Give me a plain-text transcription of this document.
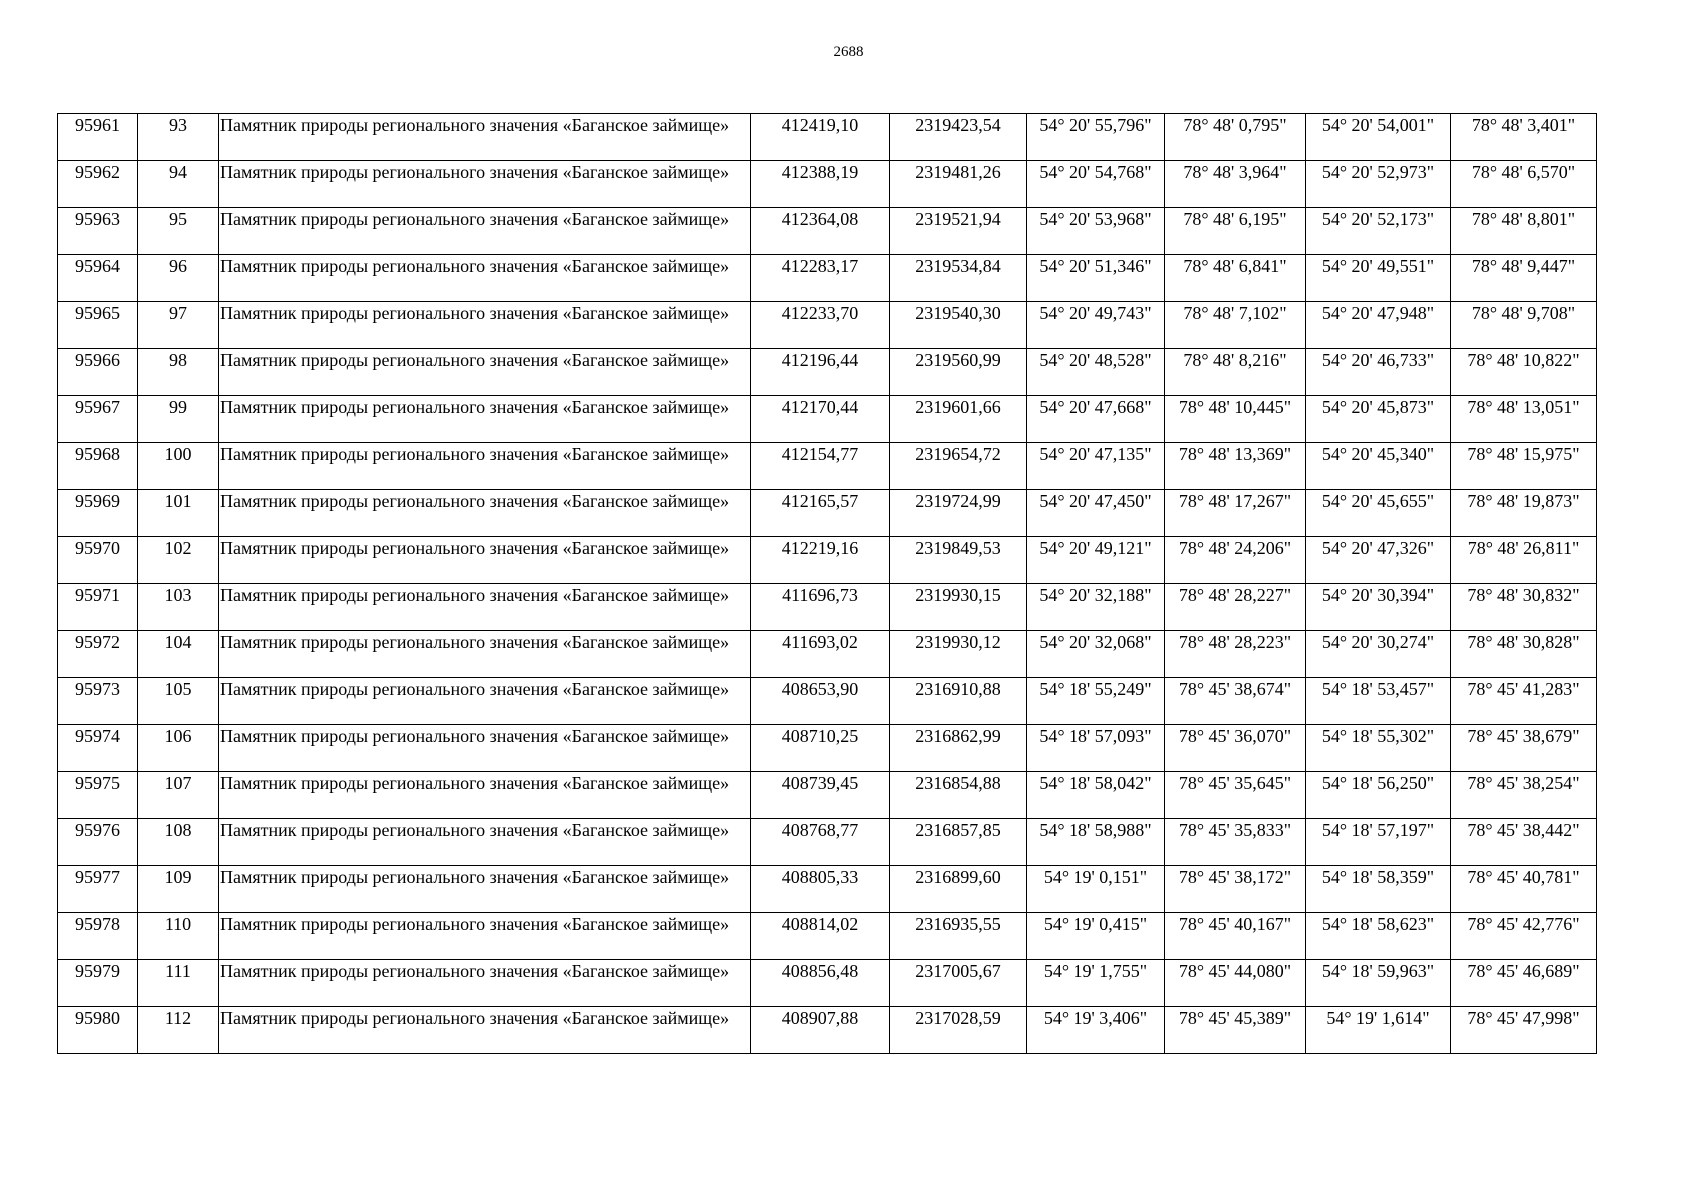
2688
95961	93	Памятник природы регионального значения «Баганское займище»	412419,10	2319423,54	54° 20' 55,796"	78° 48' 0,795"	54° 20' 54,001"	78° 48' 3,401"
95962	94	Памятник природы регионального значения «Баганское займище»	412388,19	2319481,26	54° 20' 54,768"	78° 48' 3,964"	54° 20' 52,973"	78° 48' 6,570"
95963	95	Памятник природы регионального значения «Баганское займище»	412364,08	2319521,94	54° 20' 53,968"	78° 48' 6,195"	54° 20' 52,173"	78° 48' 8,801"
95964	96	Памятник природы регионального значения «Баганское займище»	412283,17	2319534,84	54° 20' 51,346"	78° 48' 6,841"	54° 20' 49,551"	78° 48' 9,447"
95965	97	Памятник природы регионального значения «Баганское займище»	412233,70	2319540,30	54° 20' 49,743"	78° 48' 7,102"	54° 20' 47,948"	78° 48' 9,708"
95966	98	Памятник природы регионального значения «Баганское займище»	412196,44	2319560,99	54° 20' 48,528"	78° 48' 8,216"	54° 20' 46,733"	78° 48' 10,822"
95967	99	Памятник природы регионального значения «Баганское займище»	412170,44	2319601,66	54° 20' 47,668"	78° 48' 10,445"	54° 20' 45,873"	78° 48' 13,051"
95968	100	Памятник природы регионального значения «Баганское займище»	412154,77	2319654,72	54° 20' 47,135"	78° 48' 13,369"	54° 20' 45,340"	78° 48' 15,975"
95969	101	Памятник природы регионального значения «Баганское займище»	412165,57	2319724,99	54° 20' 47,450"	78° 48' 17,267"	54° 20' 45,655"	78° 48' 19,873"
95970	102	Памятник природы регионального значения «Баганское займище»	412219,16	2319849,53	54° 20' 49,121"	78° 48' 24,206"	54° 20' 47,326"	78° 48' 26,811"
95971	103	Памятник природы регионального значения «Баганское займище»	411696,73	2319930,15	54° 20' 32,188"	78° 48' 28,227"	54° 20' 30,394"	78° 48' 30,832"
95972	104	Памятник природы регионального значения «Баганское займище»	411693,02	2319930,12	54° 20' 32,068"	78° 48' 28,223"	54° 20' 30,274"	78° 48' 30,828"
95973	105	Памятник природы регионального значения «Баганское займище»	408653,90	2316910,88	54° 18' 55,249"	78° 45' 38,674"	54° 18' 53,457"	78° 45' 41,283"
95974	106	Памятник природы регионального значения «Баганское займище»	408710,25	2316862,99	54° 18' 57,093"	78° 45' 36,070"	54° 18' 55,302"	78° 45' 38,679"
95975	107	Памятник природы регионального значения «Баганское займище»	408739,45	2316854,88	54° 18' 58,042"	78° 45' 35,645"	54° 18' 56,250"	78° 45' 38,254"
95976	108	Памятник природы регионального значения «Баганское займище»	408768,77	2316857,85	54° 18' 58,988"	78° 45' 35,833"	54° 18' 57,197"	78° 45' 38,442"
95977	109	Памятник природы регионального значения «Баганское займище»	408805,33	2316899,60	54° 19' 0,151"	78° 45' 38,172"	54° 18' 58,359"	78° 45' 40,781"
95978	110	Памятник природы регионального значения «Баганское займище»	408814,02	2316935,55	54° 19' 0,415"	78° 45' 40,167"	54° 18' 58,623"	78° 45' 42,776"
95979	111	Памятник природы регионального значения «Баганское займище»	408856,48	2317005,67	54° 19' 1,755"	78° 45' 44,080"	54° 18' 59,963"	78° 45' 46,689"
95980	112	Памятник природы регионального значения «Баганское займище»	408907,88	2317028,59	54° 19' 3,406"	78° 45' 45,389"	54° 19' 1,614"	78° 45' 47,998"
